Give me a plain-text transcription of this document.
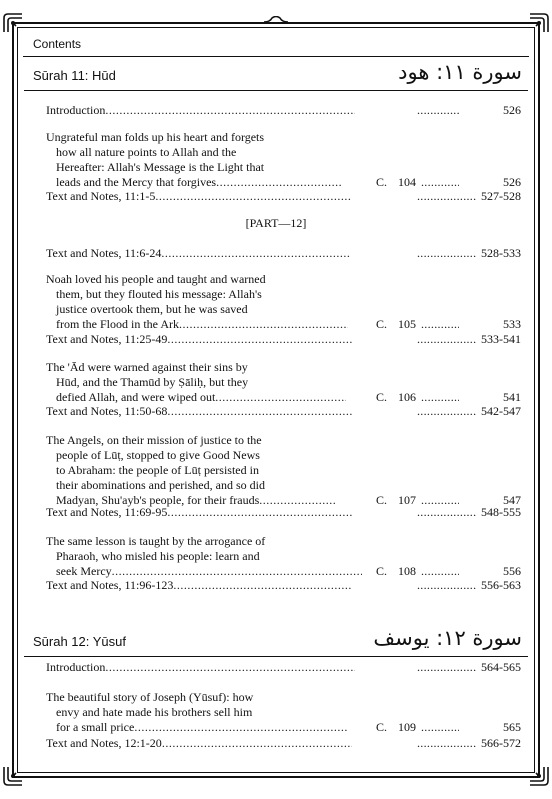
Contents
Sūrah 11: Hūd	سورة ١١: هود
Introduction ..... .....	526
Ungrateful man folds up his heart and forgets
how all nature points to Allah and the
Hereafter: Allah's Message is the Light that
leads and the Mercy that forgives .....	C. 104 .....	526
Text and Notes, 11:1-5 ..... .....	527-528
[PART—12]
Text and Notes, 11:6-24 ..... .....	528-533
Noah loved his people and taught and warned
them, but they flouted his message: Allah's
justice overtook them, but he was saved
from the Flood in the Ark .....	C. 105 .....	533
Text and Notes, 11:25-49 ..... .....	533-541
The 'Ād were warned against their sins by
Hūd, and the Thamūd by Ṣāliḥ, but they
defied Allah, and were wiped out .....	C. 106 .....	541
Text and Notes, 11:50-68 ..... .....	542-547
The Angels, on their mission of justice to the
people of Lūṭ, stopped to give Good News
to Abraham: the people of Lūṭ persisted in
their abominations and perished, and so did
Madyan, Shu'ayb's people, for their frauds .....	C. 107 .....	547
Text and Notes, 11:69-95 ..... .....	548-555
The same lesson is taught by the arrogance of
Pharaoh, who misled his people: learn and
seek Mercy .....	C. 108 .....	556
Text and Notes, 11:96-123 ..... .....	556-563
Sūrah 12: Yūsuf	سورة ١٢: يوسف
Introduction ..... .....	564-565
The beautiful story of Joseph (Yūsuf): how
envy and hate made his brothers sell him
for a small price .....	C. 109 .....	565
Text and Notes, 12:1-20 ..... .....	566-572
